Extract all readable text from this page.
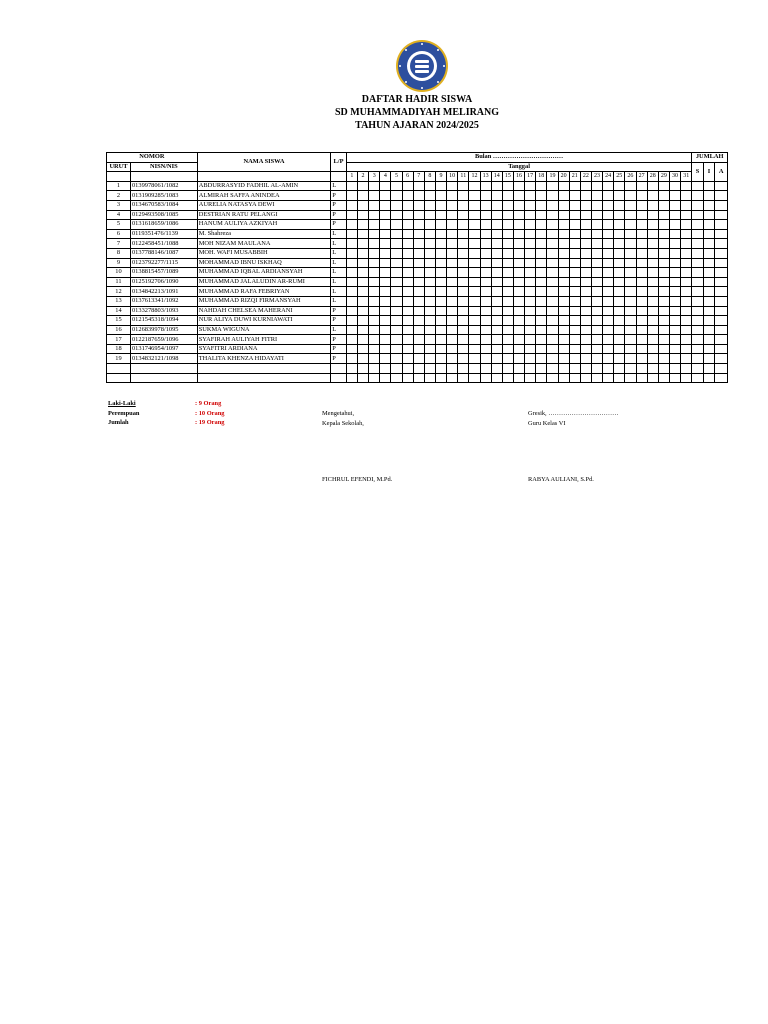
DAFTAR HADIR SISWA
SD MUHAMMADIYAH MELIRANG
TAHUN AJARAN 2024/2025
NOMOR		NAMA SISWA	L/P	Bulan ……………………………																															JUMLAH		
URUT	NISN/NIS			Tanggal																															S	I	A
				1	2	3	4	5	6	7	8	9	10	11	12	13	14	15	16	17	18	19	20	21	22	23	24	25	26	27	28	29	30	31			
1	0139978061/1082	ABDURRASYID FADHIL AL-AMIN	L																																		
2	0131909285/1083	ALMIRAH SAFFA ANINDEA	P																																		
3	0134670583/1084	AURELIA NATASYA DEWI	P																																		
4	0129493508/1085	DESTRIAN RATU PELANGI	P																																		
5	0131618659/1086	HANUM AULIYA AZKIYAH	P																																		
6	0119351476/1139	M. Shahreza	L																																		
7	0122458451/1088	MOH NIZAM MAULANA	L																																		
8	0137788146/1087	MOH. WAFI MUSABBIH	L																																		
9	0123792277/1115	MOHAMMAD IBNU ISKHAQ	L																																		
10	0138815457/1089	MUHAMMAD IQBAL ARDIANSYAH	L																																		
11	0125192706/1090	MUHAMMAD JALALUDIN AR-RUMI	L																																		
12	0134842213/1091	MUHAMMAD RAFA FEBRIYAN	L																																		
13	0137613341/1092	MUHAMMAD RIZQI FIRMANSYAH	L																																		
14	0133278803/1093	NAHDAH CHELSEA MAHERANI	P																																		
15	0121545318/1094	NUR ALIYA DUWI KURNIAWATI	P																																		
16	0126839978/1095	SUKMA WIGUNA	L																																		
17	0122187659/1096	SYAFIRAH AULIYAH FITRI	P																																		
18	0131746954/1097	SYAFITRI ARDIANA	P																																		
19	0134832121/1098	THALITA KHENZA HIDAYATI	P																																		

Laki-Laki	: 9 Orang
Perempuan	: 10 Orang
Jumlah	: 19 Orang
Mengetahui,
Kepala Sekolah,
FICHRUL EFENDI, M.Pd.
Gresik, ……………………………
Guru Kelas VI
RABYA AULIANI, S.Pd.
